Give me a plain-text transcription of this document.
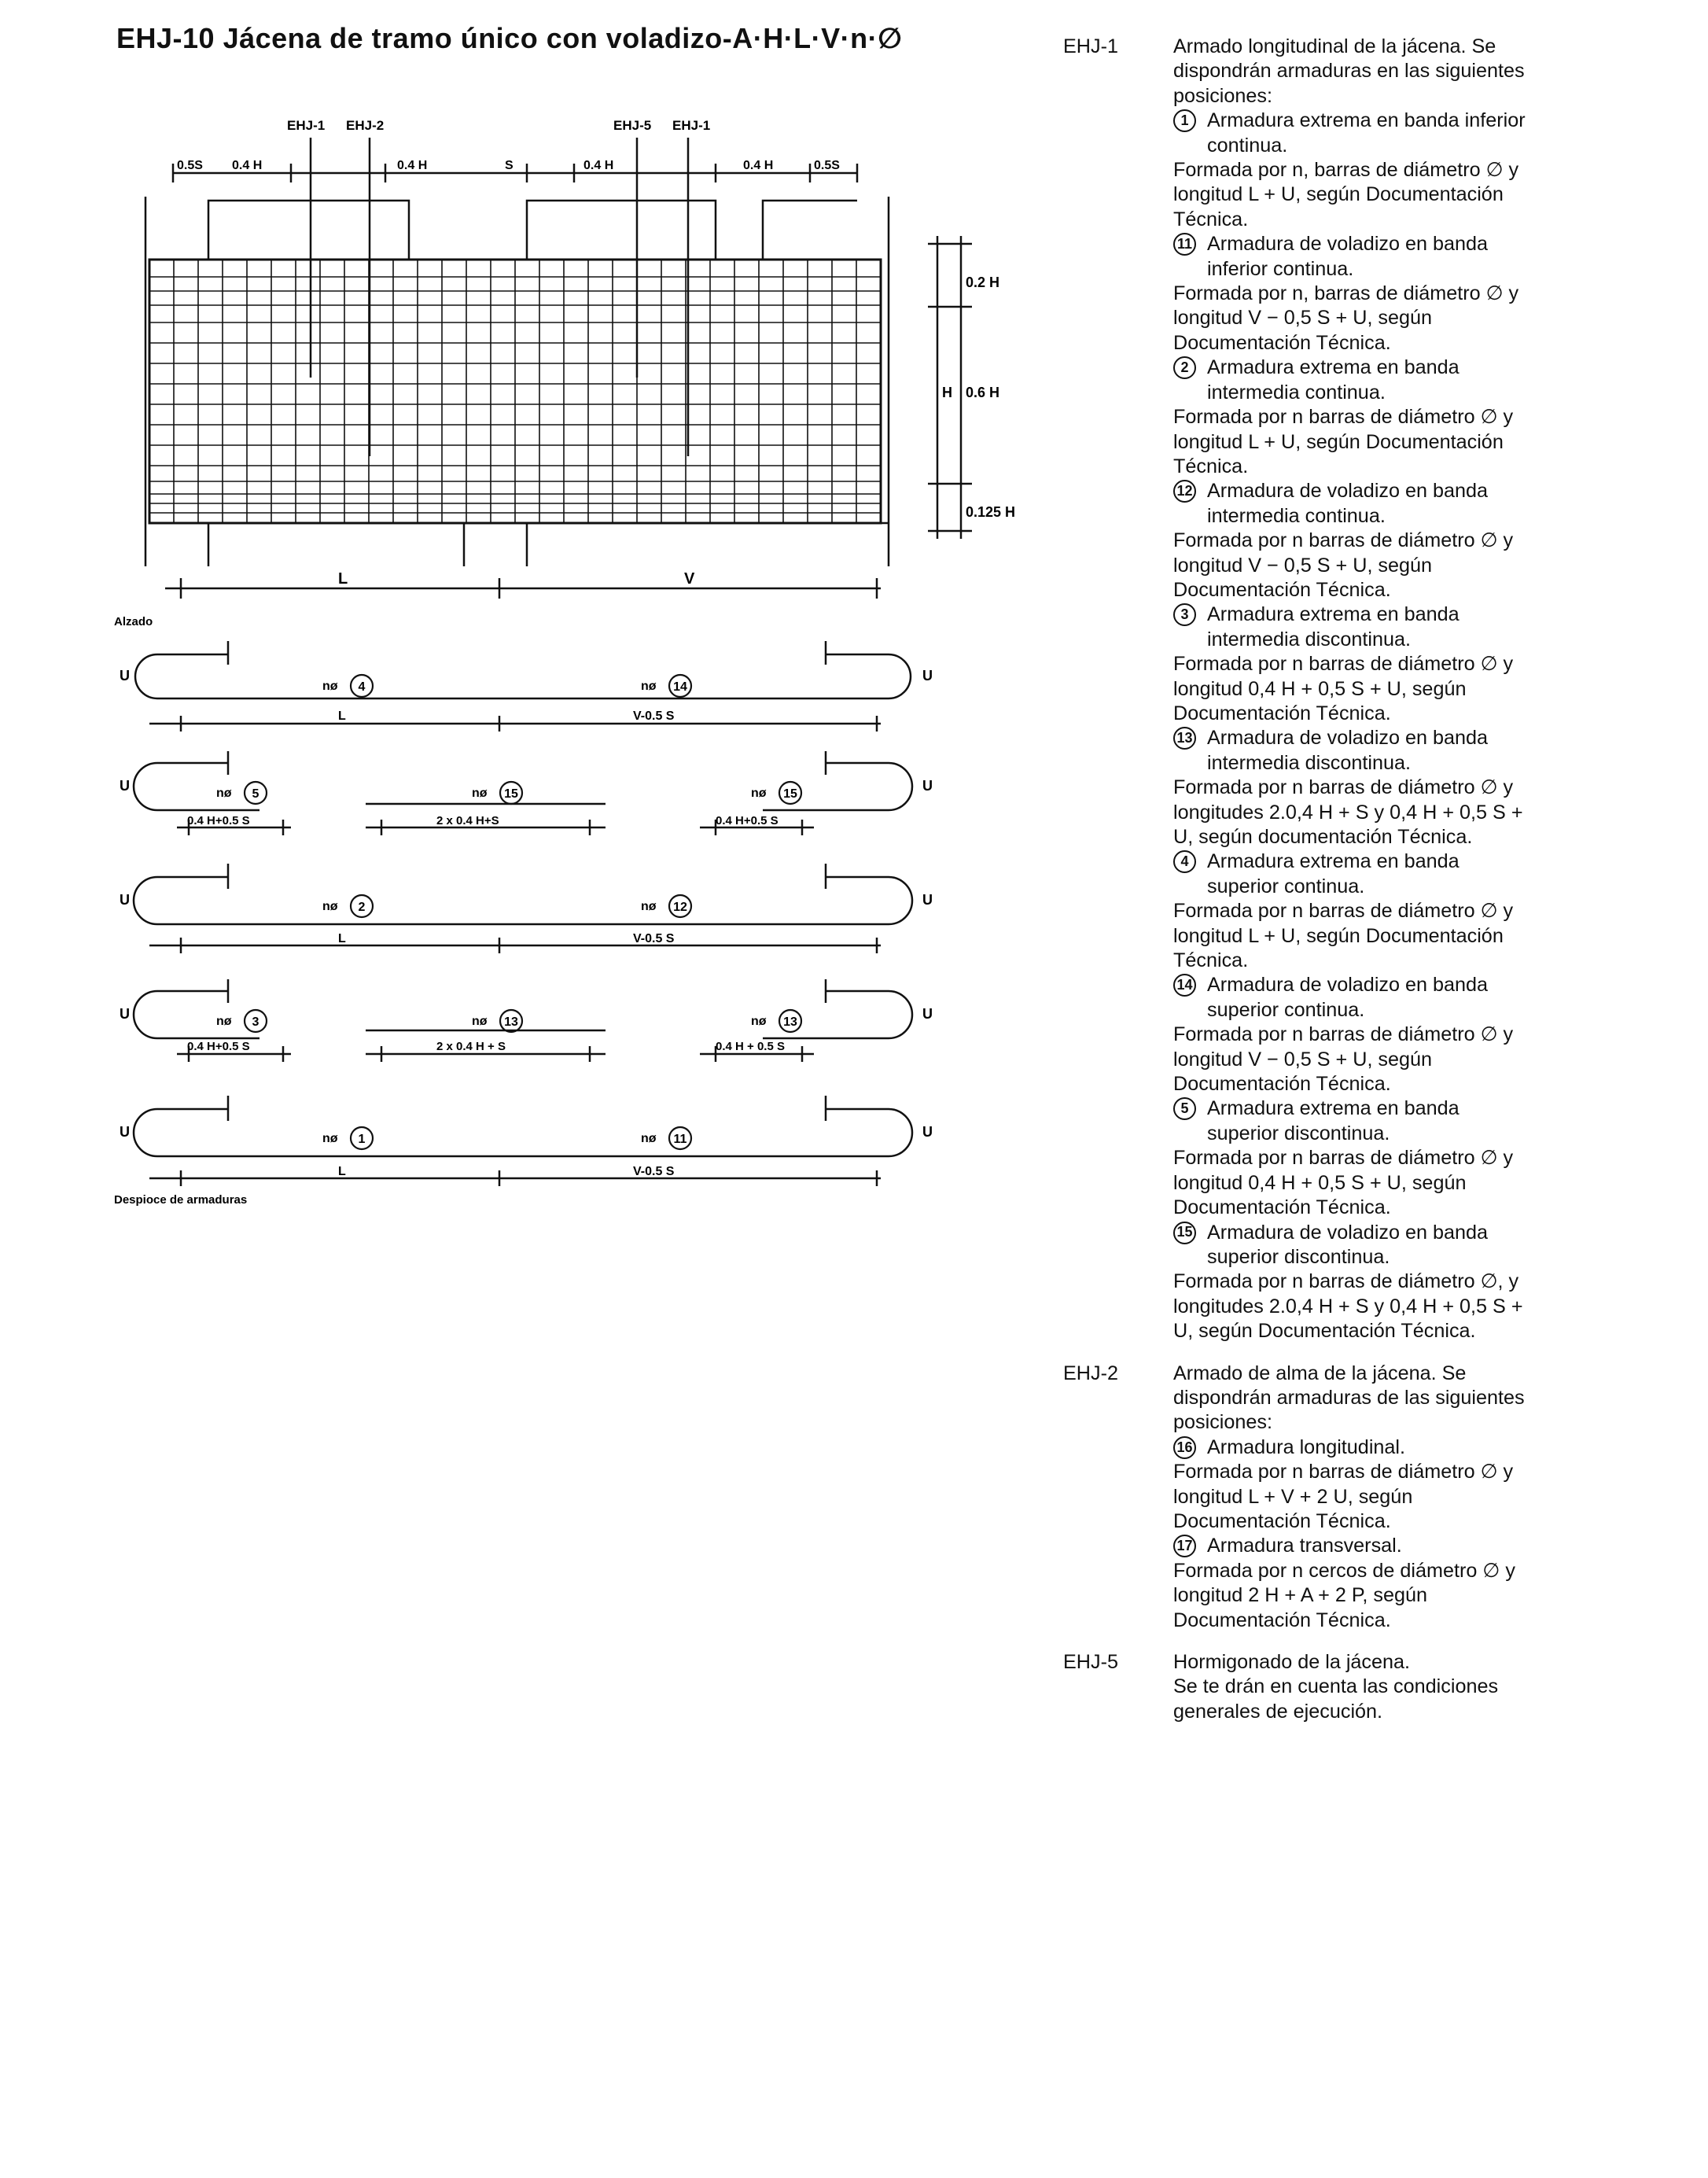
EHJ-10 Jácena de tramo único con voladizo-A·H·L·V·n·∅
EHJ-1 EHJ-2	EHJ-5 EHJ-1
0.5S 0.4 H	0.4 H	S	0.4 H	0.4 H	0.5S
0.2 H
0.6 H
0.125 H
H
L	V
Alzado
U	U
U	U
U	U
U	U
U	U
nø 4
L
nø 14
V-0.5 S
nø 5
0.4 H+0.5 S
nø 15
2 x 0.4 H+S
nø 15
0.4 H+0.5 S
nø 2
L
nø 12
V-0.5 S
nø 3
0.4 H+0.5 S
nø 13
2 x 0.4 H + S
nø 13
0.4 H + 0.5 S
nø 1
L
nø 11
V-0.5 S
Despioce de armaduras
EHJ-1	Armado longitudinal de la jácena. Se dispondrán armaduras en las siguientes posiciones:

1 Armadura extrema en banda inferior continua.

Formada por n, barras de diámetro ∅ y longitud L + U, según Documentación Técnica.

11 Armadura de voladizo en banda inferior continua.

Formada por n, barras de diámetro ∅ y longitud V − 0,5 S + U, según Documentación Técnica.

2 Armadura extrema en banda intermedia continua.

Formada por n barras de diámetro ∅ y longitud L + U, según Documentación Técnica.

12 Armadura de voladizo en banda intermedia continua.

Formada por n barras de diámetro ∅ y longitud V − 0,5 S + U, según Documentación Técnica.

3 Armadura extrema en banda intermedia discontinua.

Formada por n barras de diámetro ∅ y longitud 0,4 H + 0,5 S + U, según Documentación Técnica.

13 Armadura de voladizo en banda intermedia discontinua.

Formada por n barras de diámetro ∅ y longitudes 2.0,4 H + S y 0,4 H + 0,5 S + U, según documentación Técnica.

4 Armadura extrema en banda superior continua.

Formada por n barras de diámetro ∅ y longitud L + U, según Documentación Técnica.

14 Armadura de voladizo en banda superior continua.

Formada por n barras de diámetro ∅ y longitud V − 0,5 S + U, según Documentación Técnica.

5 Armadura extrema en banda superior discontinua.

Formada por n barras de diámetro ∅ y longitud 0,4 H + 0,5 S + U, según Documentación Técnica.

15 Armadura de voladizo en banda superior discontinua.

Formada por n barras de diámetro ∅, y longitudes 2.0,4 H + S y 0,4 H + 0,5 S + U, según Documentación Técnica.

EHJ-2	Armado de alma de la jácena. Se dispondrán armaduras de las siguientes posiciones:

16 Armadura longitudinal.

Formada por n barras de diámetro ∅ y longitud L + V + 2 U, según Documentación Técnica.

17 Armadura transversal.

Formada por n cercos de diámetro ∅ y longitud 2 H + A + 2 P, según Documentación Técnica.

EHJ-5	Hormigonado de la jácena.

Se te drán en cuenta las condiciones generales de ejecución.
